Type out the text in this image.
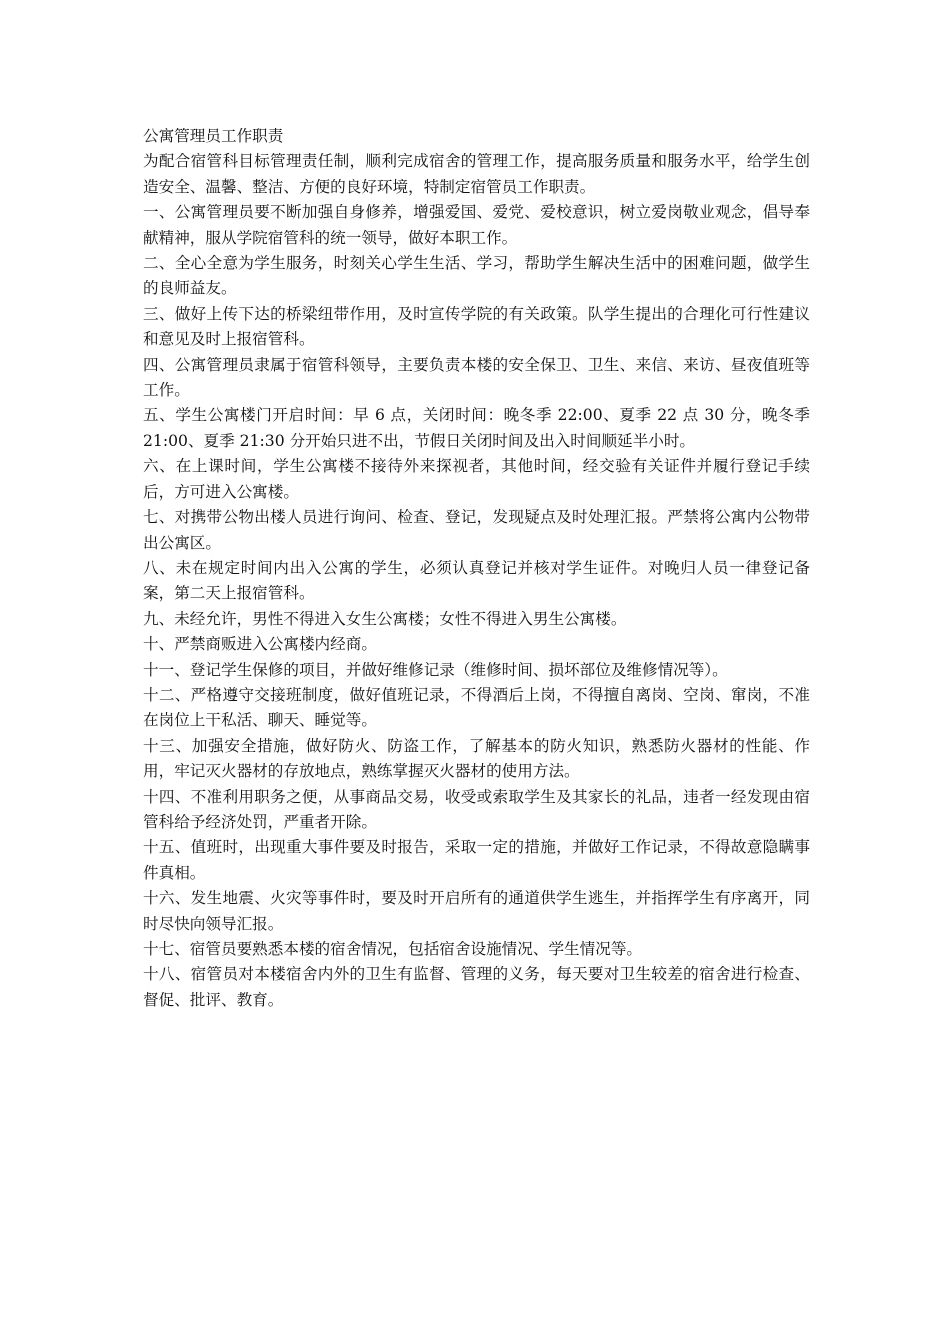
公寓管理员工作职责

为配合宿管科目标管理责任制，顺利完成宿舍的管理工作，提高服务质量和服务水平，给学生创造安全、温馨、整洁、方便的良好环境，特制定宿管员工作职责。

一、公寓管理员要不断加强自身修养，增强爱国、爱党、爱校意识，树立爱岗敬业观念，倡导奉献精神，服从学院宿管科的统一领导，做好本职工作。

二、全心全意为学生服务，时刻关心学生生活、学习，帮助学生解决生活中的困难问题，做学生的良师益友。

三、做好上传下达的桥梁纽带作用，及时宣传学院的有关政策。队学生提出的合理化可行性建议和意见及时上报宿管科。

四、公寓管理员隶属于宿管科领导，主要负责本楼的安全保卫、卫生、来信、来访、昼夜值班等工作。

五、学生公寓楼门开启时间：早 6 点，关闭时间：晚冬季 22:00、夏季 22 点 30 分，晚冬季 21:00、夏季 21:30 分开始只进不出，节假日关闭时间及出入时间顺延半小时。

六、在上课时间，学生公寓楼不接待外来探视者，其他时间，经交验有关证件并履行登记手续后，方可进入公寓楼。

七、对携带公物出楼人员进行询问、检查、登记，发现疑点及时处理汇报。严禁将公寓内公物带出公寓区。

八、未在规定时间内出入公寓的学生，必须认真登记并核对学生证件。对晚归人员一律登记备案，第二天上报宿管科。

九、未经允许，男性不得进入女生公寓楼；女性不得进入男生公寓楼。

十、严禁商贩进入公寓楼内经商。

十一、登记学生保修的项目，并做好维修记录（维修时间、损坏部位及维修情况等）。

十二、严格遵守交接班制度，做好值班记录，不得酒后上岗，不得擅自离岗、空岗、窜岗，不准在岗位上干私活、聊天、睡觉等。

十三、加强安全措施，做好防火、防盗工作，了解基本的防火知识，熟悉防火器材的性能、作用，牢记灭火器材的存放地点，熟练掌握灭火器材的使用方法。

十四、不准利用职务之便，从事商品交易，收受或索取学生及其家长的礼品，违者一经发现由宿管科给予经济处罚，严重者开除。

十五、值班时，出现重大事件要及时报告，采取一定的措施，并做好工作记录，不得故意隐瞒事件真相。

十六、发生地震、火灾等事件时，要及时开启所有的通道供学生逃生，并指挥学生有序离开，同时尽快向领导汇报。

十七、宿管员要熟悉本楼的宿舍情况，包括宿舍设施情况、学生情况等。

十八、宿管员对本楼宿舍内外的卫生有监督、管理的义务，每天要对卫生较差的宿舍进行检查、督促、批评、教育。
